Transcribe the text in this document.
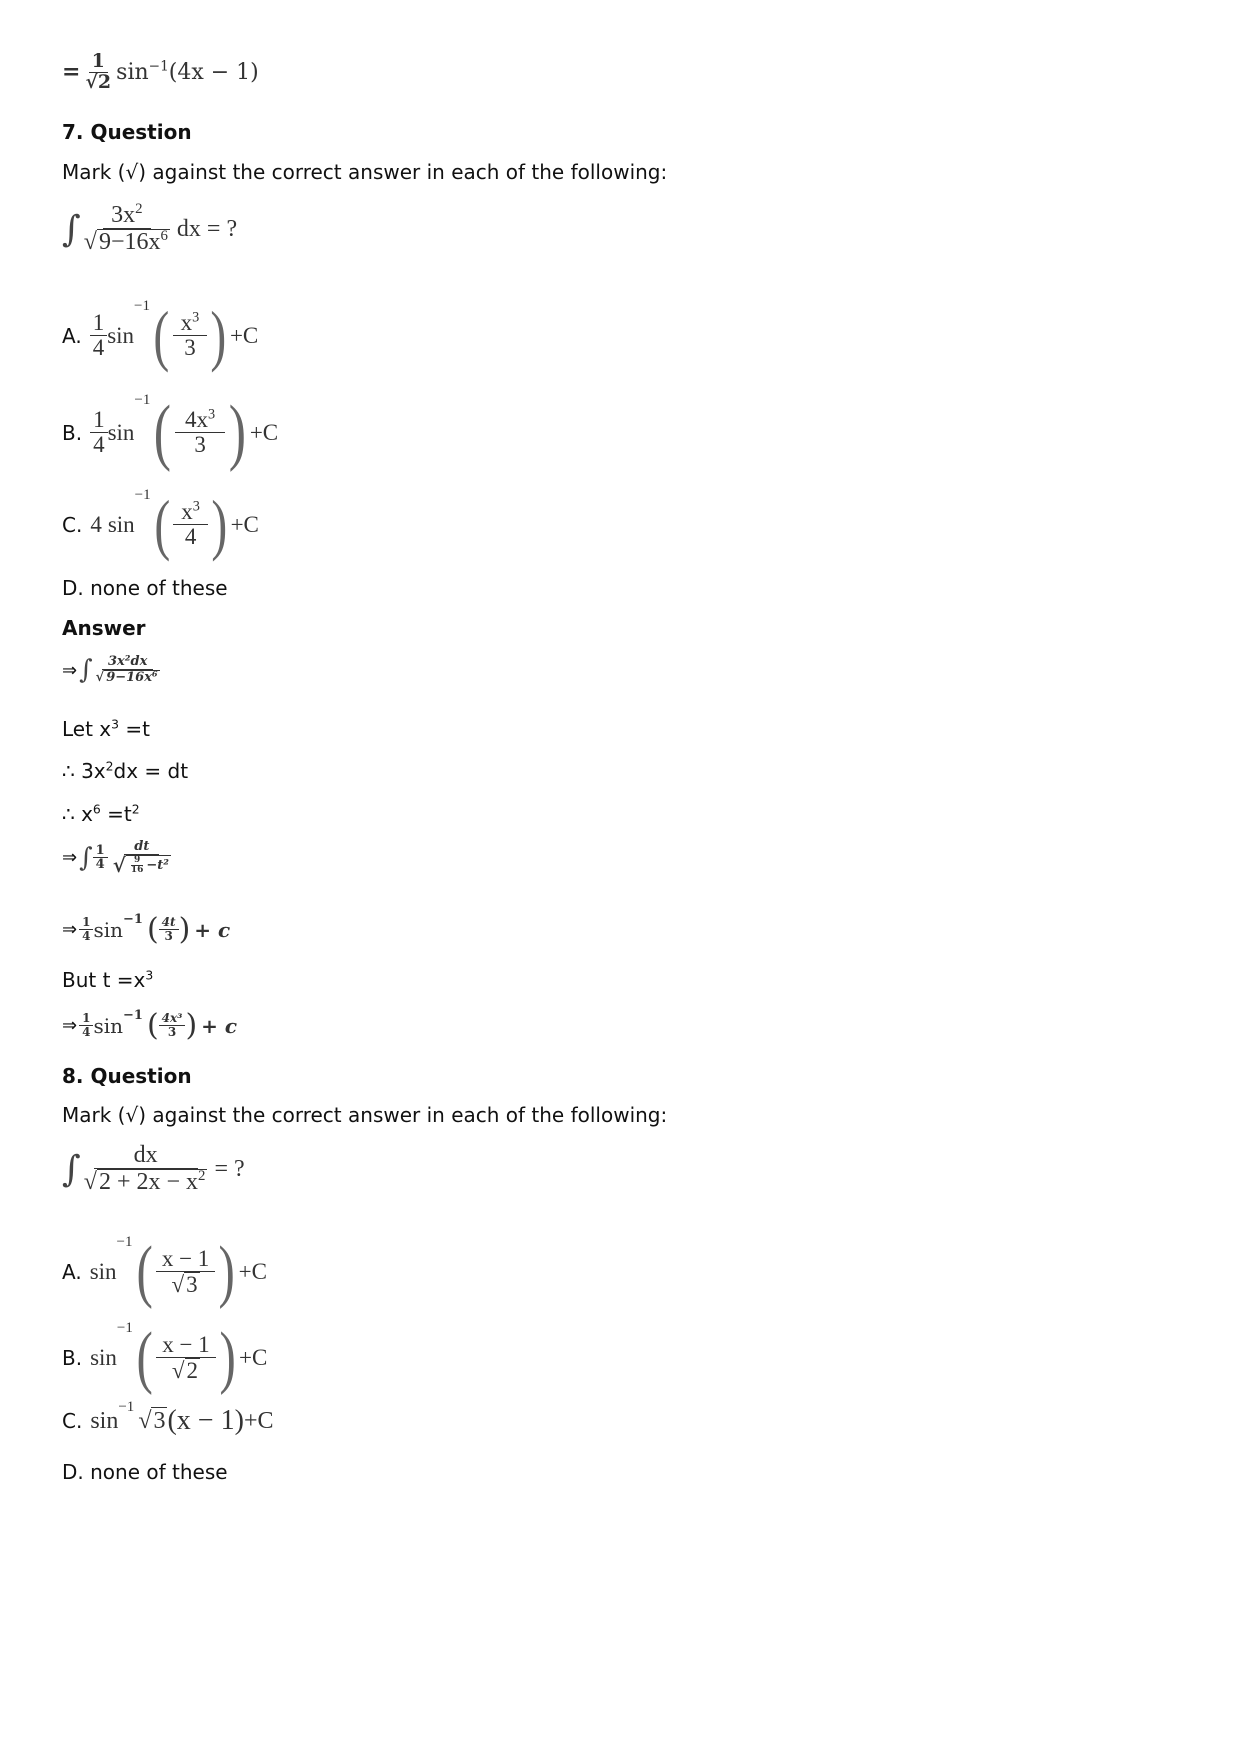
= $\frac{1}{√2} \sin^{-1}(4x - 1)$
7. Question
Mark (√) against the correct answer in each of the following:
∫ $\frac{3x^2}{√ 9-16x^6}$ dx = ?
A. $\frac{1}{4}$ sin
−1 ( $\frac{x^3}{3}$ ) +C
B. $\frac{1}{4}$ sin
−1 ( $\frac{4x^3}{3}$ ) +C
C. 4 sin
−1 ( $\frac{x^3}{4}$ ) +C
D. none of these
Answer
⇒ ∫ $\frac{\text{3x²dx}}{\text{√ 9−16x⁶}}$
Let $x^3 =t$
∴ $3x^2dx$ = dt
∴ $x^6 =t^2$
⇒ ∫ $\frac{1}{4} \frac{dt}{√ \frac{9}{16} -t^2}$
⇒ $\frac{1}{4}$ sin −1 ( $\frac{4t}{3}$ ) + c
But $t =x^3$
⇒ $\frac{1}{4}$ sin −1 ( $\frac{\text{4x³}}{3}$ ) + c
8. Question
Mark (√) against the correct answer in each of the following:
∫ $\frac{dx}{√ 2 + 2x - x^2}$ = ?
A. sin
−1 ( $\frac{x - 1}{√ 3}$ ) +C
B. sin
−1 ( $\frac{x - 1}{√ 2}$ ) +C
C. sin
−1
√ 3 (x − 1) +C
D. none of these
